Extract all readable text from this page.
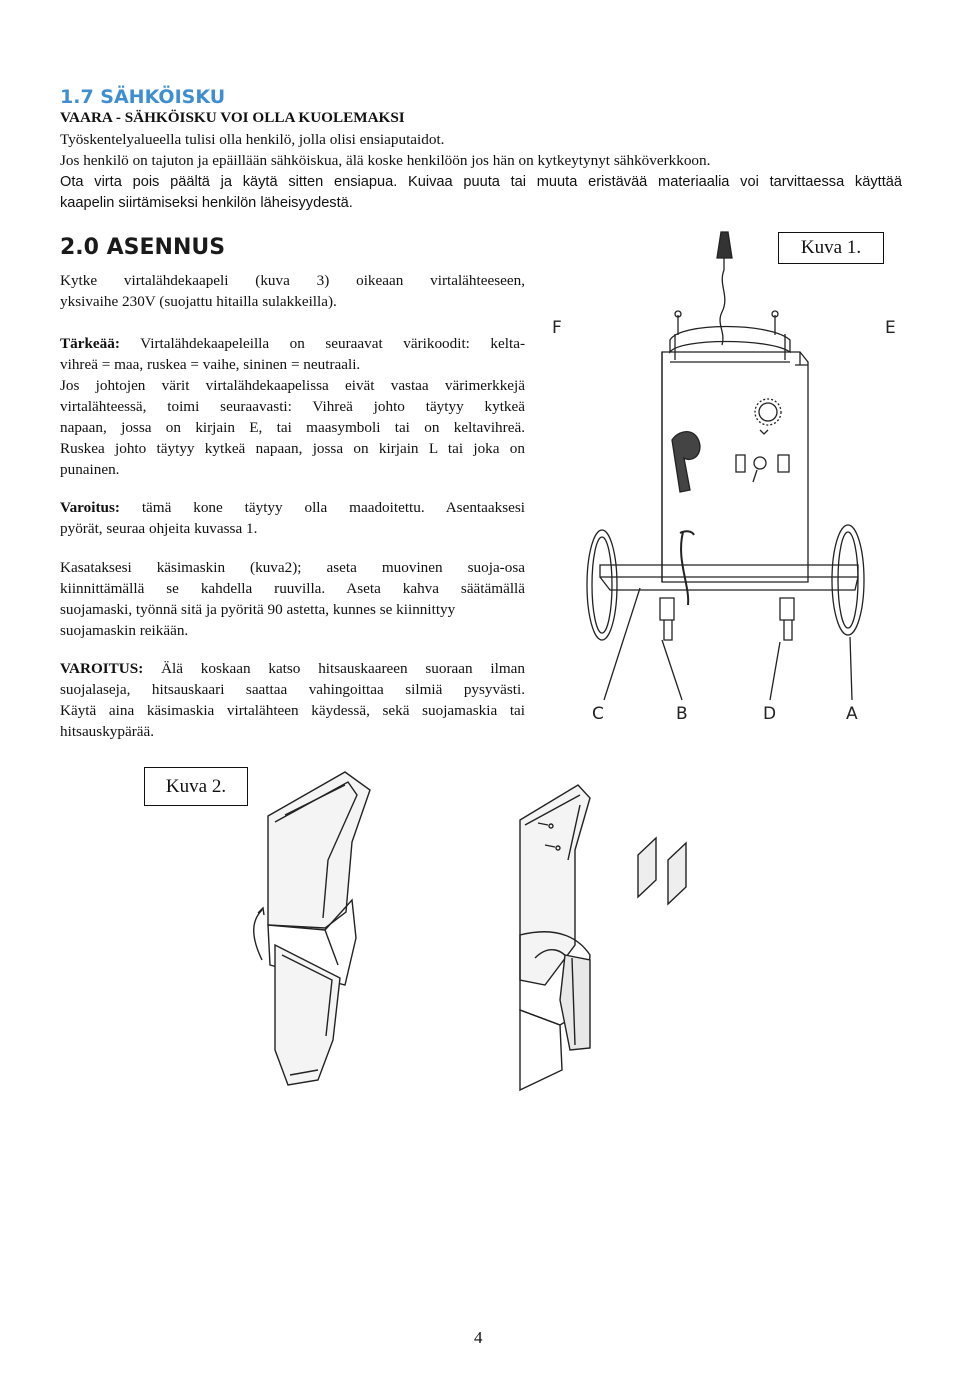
1.7 SÄHKÖISKU
VAARA - SÄHKÖISKU VOI OLLA KUOLEMAKSI
Työskentelyalueella tulisi olla henkilö, jolla olisi ensiaputaidot.
Jos henkilö on tajuton ja epäillään sähköiskua, älä koske henkilöön jos hän on kytkeytynyt sähköverkkoon.
Ota virta pois päältä ja käytä sitten ensiapua. Kuivaa puuta tai muuta eristävää materiaalia voi tarvittaessa käyttää
kaapelin siirtämiseksi henkilön läheisyydestä.
2.0 ASENNUS
Kytke virtalähdekaapeli (kuva 3) oikeaan virtalähteeseen,
yksivaihe 230V (suojattu hitailla sulakkeilla).
Tärkeää: Virtalähdekaapeleilla on seuraavat värikoodit: kelta-
vihreä = maa, ruskea = vaihe, sininen = neutraali.
Jos johtojen värit virtalähdekaapelissa eivät vastaa värimerkkejä
virtalähteessä, toimi seuraavasti: Vihreä johto täytyy kytkeä
napaan, jossa on kirjain E, tai maasymboli tai on keltavihreä.
Ruskea johto täytyy kytkeä napaan, jossa on kirjain L tai joka on
punainen.
Varoitus: tämä kone täytyy olla maadoitettu. Asentaaksesi
pyörät, seuraa ohjeita kuvassa 1.
Kasataksesi käsimaskin (kuva2); aseta muovinen suoja-osa
kiinnittämällä se kahdella ruuvilla. Aseta kahva säätämällä
suojamaski, työnnä sitä ja pyöritä 90 astetta, kunnes se kiinnittyy
suojamaskin reikään.
VAROITUS: Älä koskaan katso hitsauskaareen suoraan ilman
suojalaseja, hitsauskaari saattaa vahingoittaa silmiä pysyvästi.
Käytä aina käsimaskia virtalähteen käydessä, sekä suojamaskia tai
hitsauskypärää.
Kuva 1.
F	E
C	B	D	A
Kuva 2.
4
